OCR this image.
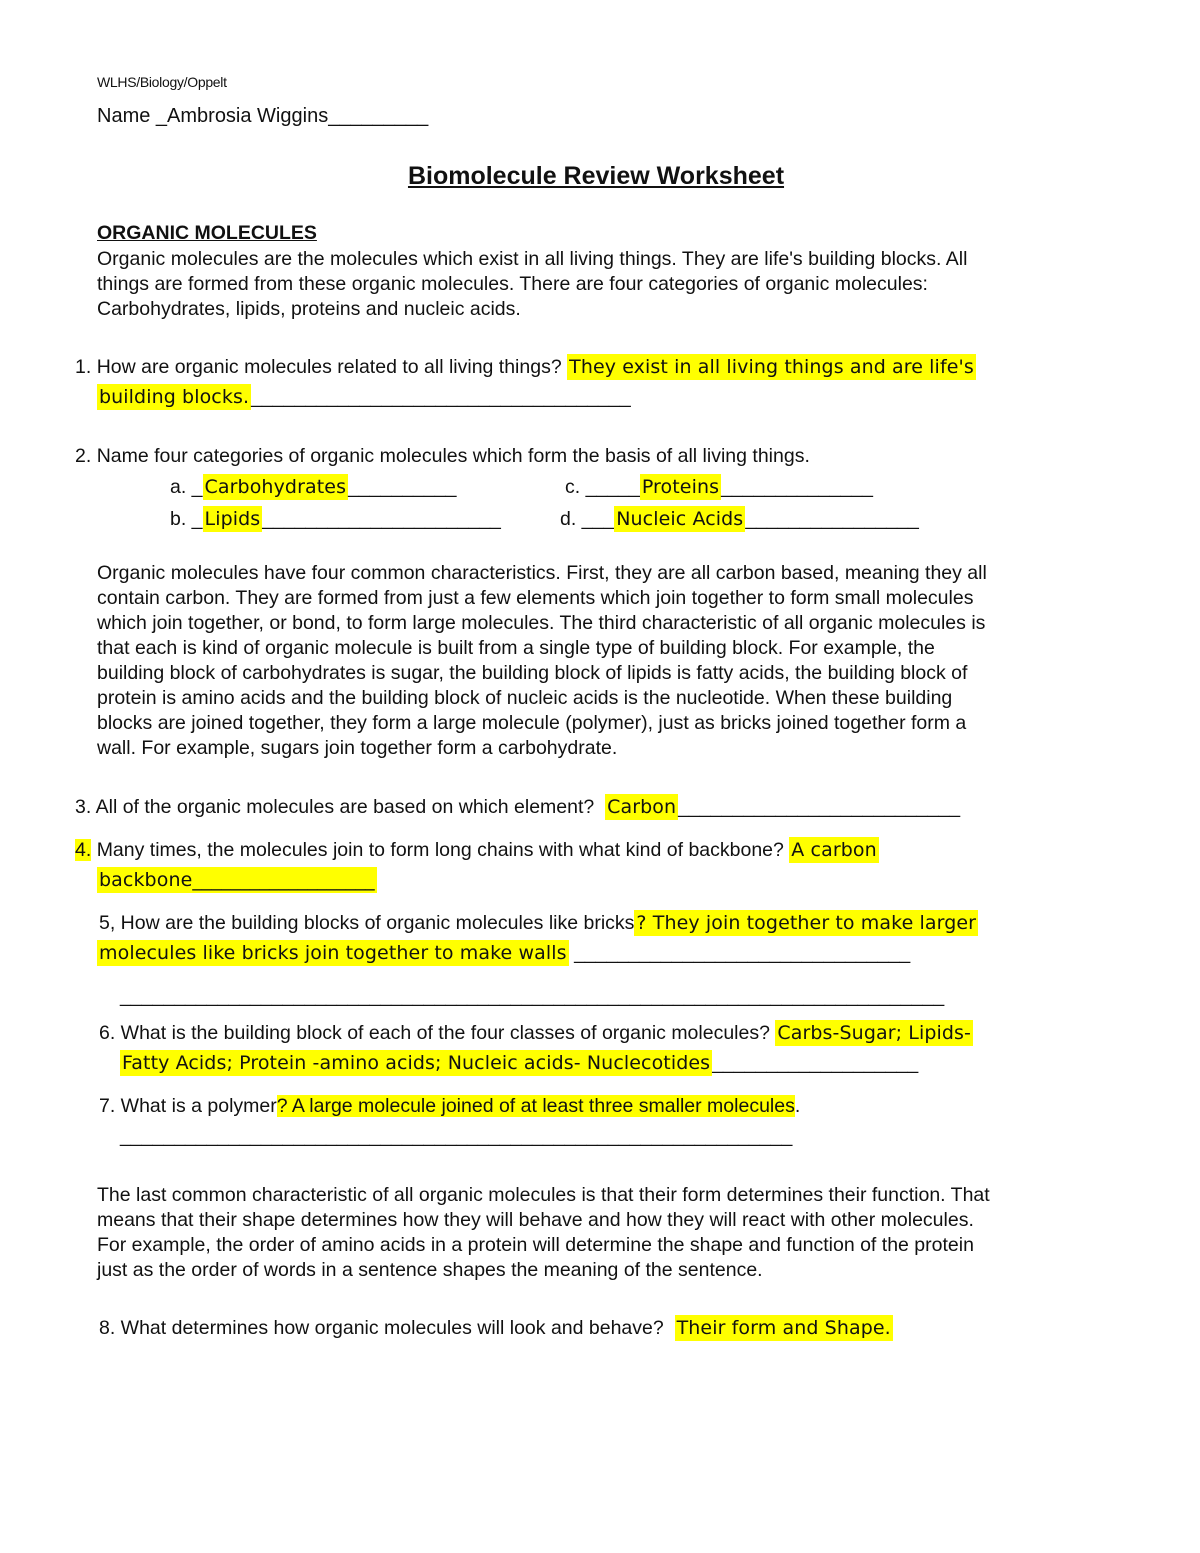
WLHS/Biology/Oppelt
Name _Ambrosia Wiggins_________
Biomolecule Review Worksheet
ORGANIC MOLECULES
Organic molecules are the molecules which exist in all living things. They are life's building blocks. All
things are formed from these organic molecules. There are four categories of organic molecules:
Carbohydrates, lipids, proteins and nucleic acids.
1. How are organic molecules related to all living things? They exist in all living things and are life's
building blocks. ___________________________________
2. Name four categories of organic molecules which form the basis of all living things.
a. _ Carbohydrates __________	c. _____ Proteins ______________
b. _ Lipids ______________________	d. ___ Nucleic Acids ________________
Organic molecules have four common characteristics. First, they are all carbon based, meaning they all
contain carbon. They are formed from just a few elements which join together to form small molecules
which join together, or bond, to form large molecules. The third characteristic of all organic molecules is
that each is kind of organic molecule is built from a single type of building block. For example, the
building block of carbohydrates is sugar, the building block of lipids is fatty acids, the building block of
protein is amino acids and the building block of nucleic acids is the nucleotide. When these building
blocks are joined together, they form a large molecule (polymer), just as bricks joined together form a
wall. For example, sugars join together form a carbohydrate.
3. All of the organic molecules are based on which element? Carbon __________________________
4. Many times, the molecules join to form long chains with what kind of backbone? A carbon
backbone___________________
5, How are the building blocks of organic molecules like bricks ? They join together to make larger
molecules like bricks join together to make walls _______________________________
____________________________________________________________________________
6. What is the building block of each of the four classes of organic molecules? Carbs-Sugar; Lipids-
Fatty Acids; Protein -amino acids; Nucleic acids- Nuclecotides ___________________
7. What is a polymer? A large molecule joined of at least three smaller molecules.
______________________________________________________________
The last common characteristic of all organic molecules is that their form determines their function. That
means that their shape determines how they will behave and how they will react with other molecules.
For example, the order of amino acids in a protein will determine the shape and function of the protein
just as the order of words in a sentence shapes the meaning of the sentence.
8. What determines how organic molecules will look and behave? Their form and Shape.
